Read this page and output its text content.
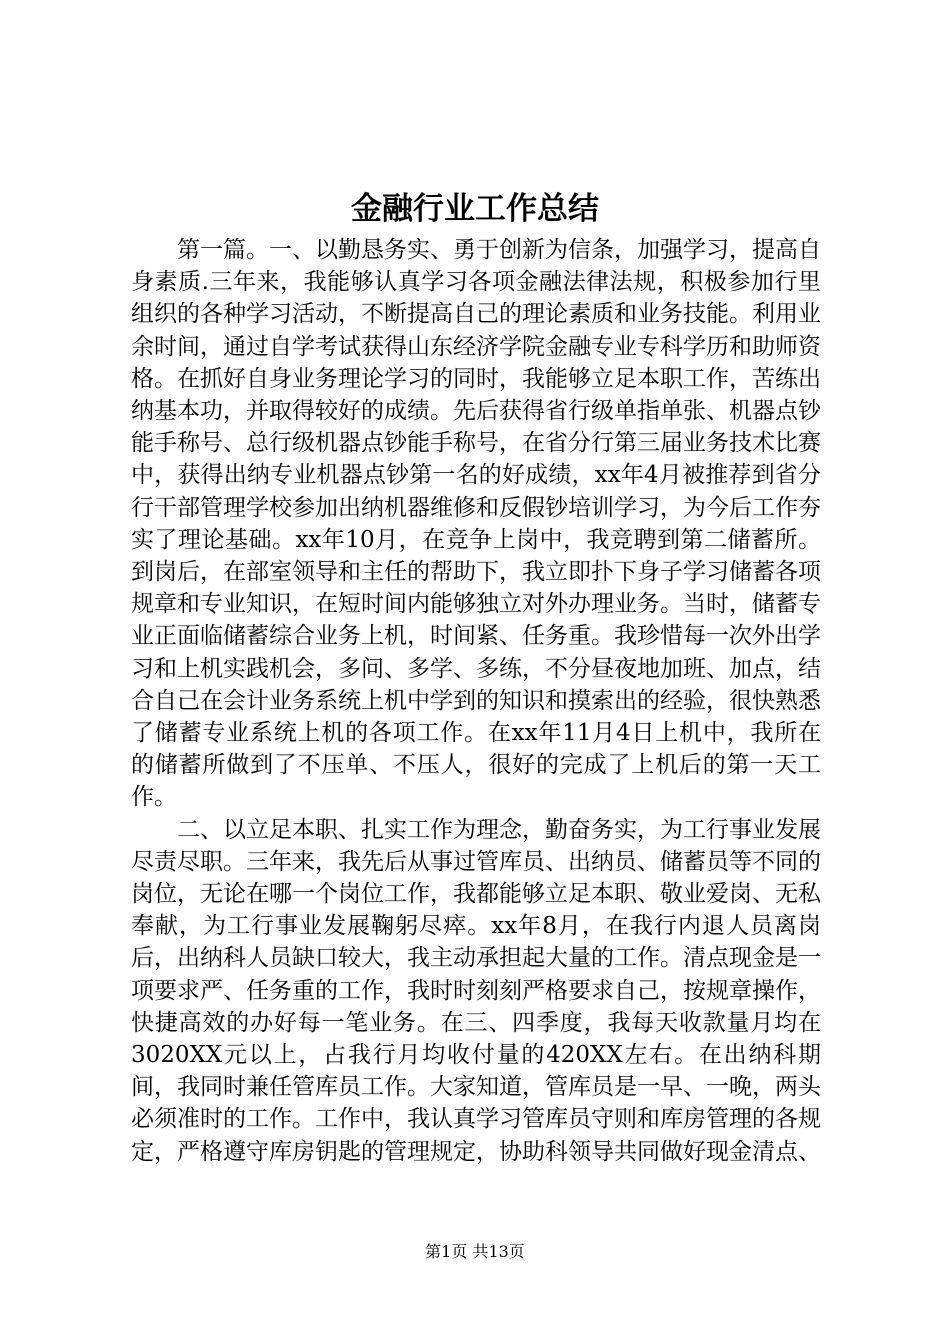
金融行业工作总结

第一篇。一、以勤恳务实、勇于创新为信条，加强学习，提高自身素质.三年来，我能够认真学习各项金融法律法规，积极参加行里组织的各种学习活动，不断提高自己的理论素质和业务技能。利用业余时间，通过自学考试获得山东经济学院金融专业专科学历和助师资格。在抓好自身业务理论学习的同时，我能够立足本职工作，苦练出纳基本功，并取得较好的成绩。先后获得省行级单指单张、机器点钞能手称号、总行级机器点钞能手称号，在省分行第三届业务技术比赛中，获得出纳专业机器点钞第一名的好成绩，xx年4月被推荐到省分行干部管理学校参加出纳机器维修和反假钞培训学习，为今后工作夯实了理论基础。xx年10月，在竞争上岗中，我竞聘到第二储蓄所。到岗后，在部室领导和主任的帮助下，我立即扑下身子学习储蓄各项规章和专业知识，在短时间内能够独立对外办理业务。当时，储蓄专业正面临储蓄综合业务上机，时间紧、任务重。我珍惜每一次外出学习和上机实践机会，多问、多学、多练，不分昼夜地加班、加点，结合自己在会计业务系统上机中学到的知识和摸索出的经验，很快熟悉了储蓄专业系统上机的各项工作。在xx年11月4日上机中，我所在的储蓄所做到了不压单、不压人，很好的完成了上机后的第一天工作。

二、以立足本职、扎实工作为理念，勤奋务实，为工行事业发展尽责尽职。三年来，我先后从事过管库员、出纳员、储蓄员等不同的岗位，无论在哪一个岗位工作，我都能够立足本职、敬业爱岗、无私奉献，为工行事业发展鞠躬尽瘁。xx年8月，在我行内退人员离岗后，出纳科人员缺口较大，我主动承担起大量的工作。清点现金是一项要求严、任务重的工作，我时时刻刻严格要求自己，按规章操作，快捷高效的办好每一笔业务。在三、四季度，我每天收款量月均在3020XX元以上，占我行月均收付量的420XX左右。在出纳科期间，我同时兼任管库员工作。大家知道，管库员是一早、一晚，两头必须准时的工作。工作中，我认真学习管库员守则和库房管理的各规定，严格遵守库房钥匙的管理规定，协助科领导共同做好现金清点、

第1页 共13页
